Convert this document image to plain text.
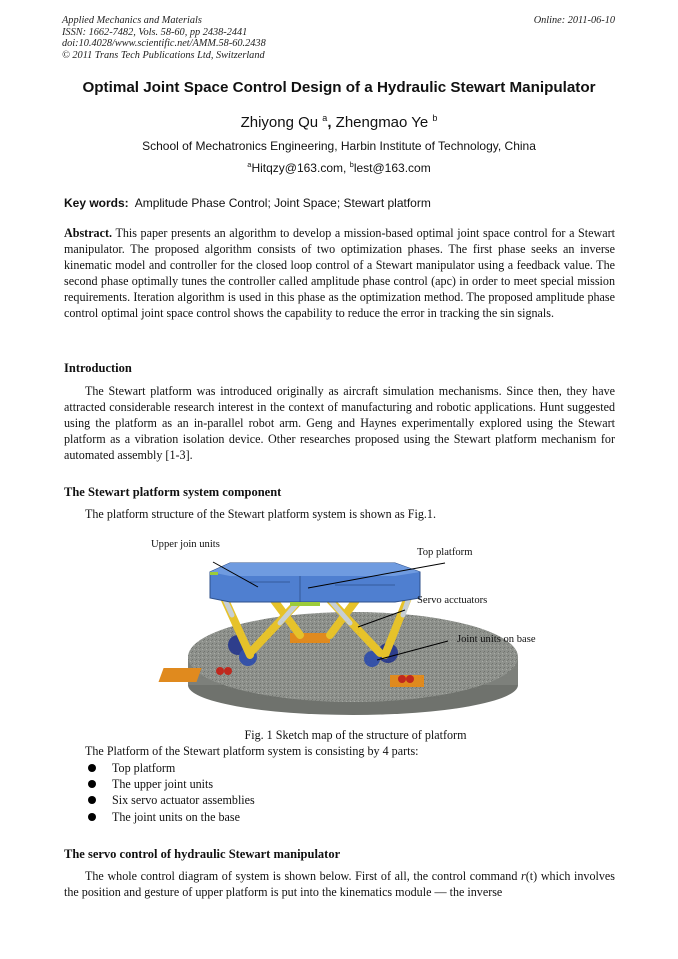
Applied Mechanics and Materials
ISSN: 1662-7482, Vols. 58-60, pp 2438-2441
doi:10.4028/www.scientific.net/AMM.58-60.2438
© 2011 Trans Tech Publications Ltd, Switzerland
Online: 2011-06-10
Optimal Joint Space Control Design of a Hydraulic Stewart Manipulator
Zhiyong Qu $^a$, Zhengmao Ye $^b$
School of Mechatronics Engineering, Harbin Institute of Technology, China
$^a$Hitqzy@163.com, $^b$lest@163.com
Key words: Amplitude Phase Control; Joint Space; Stewart platform
Abstract. This paper presents an algorithm to develop a mission-based optimal joint space control for a Stewart manipulator. The proposed algorithm consists of two optimization phases. The first phase seeks an inverse kinematic model and controller for the closed loop control of a Stewart manipulator using a feedback value. The second phase optimally tunes the controller called amplitude phase control (apc) in order to meet special mission requirements. Iteration algorithm is used in this phase as the optimization method. The proposed amplitude phase control optimal joint space control shows the capability to reduce the error in tracking the sin signals.
Introduction
The Stewart platform was introduced originally as aircraft simulation mechanisms. Since then, they have attracted considerable research interest in the context of manufacturing and robotic applications. Hunt suggested using the platform as an in-parallel robot arm. Geng and Haynes experimentally explored using the Stewart platform as a vibration isolation device. Other researches proposed using the Stewart platform mechanism for automated assembly [1-3].
The Stewart platform system component
The platform structure of the Stewart platform system is shown as Fig.1.
Upper join units
Top platform
Servo acctuators
Joint units on base
Fig. 1 Sketch map of the structure of platform
The Platform of the Stewart platform system is consisting by 4 parts:
Top platform
The upper joint units
Six servo actuator assemblies
The joint units on the base
The servo control of hydraulic Stewart manipulator
The whole control diagram of system is shown below. First of all, the control command r(t) which involves the position and gesture of upper platform is put into the kinematics module — the inverse
